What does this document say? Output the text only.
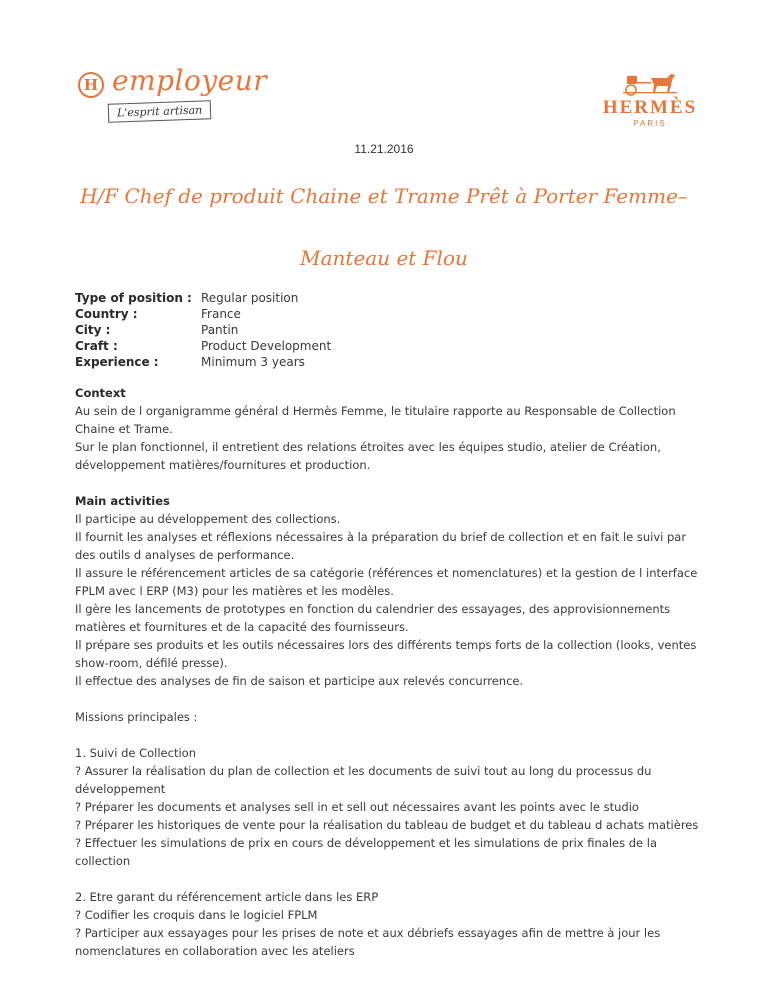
H employeur
L'esprit artisan	HERMÈS
PARIS
11.21.2016
H/F Chef de produit Chaine et Trame Prêt à Porter Femme– Manteau et Flou
Type of position : Regular position
Country :	France
City :	Pantin
Craft :	Product Development
Experience :	Minimum 3 years

Context

Au sein de l organigramme général d Hermès Femme, le titulaire rapporte au Responsable de Collection Chaine et Trame.

Sur le plan fonctionnel, il entretient des relations étroites avec les équipes studio, atelier de Création, développement matières/fournitures et production.

Main activities

Il participe au développement des collections.

Il fournit les analyses et réflexions nécessaires à la préparation du brief de collection et en fait le suivi par des outils d analyses de performance.

Il assure le référencement articles de sa catégorie (références et nomenclatures) et la gestion de l interface FPLM avec l ERP (M3) pour les matières et les modèles.

Il gère les lancements de prototypes en fonction du calendrier des essayages, des approvisionnements matières et fournitures et de la capacité des fournisseurs.

Il prépare ses produits et les outils nécessaires lors des différents temps forts de la collection (looks, ventes show-room, défilé presse).

Il effectue des analyses de fin de saison et participe aux relevés concurrence.

Missions principales :

1. Suivi de Collection

? Assurer la réalisation du plan de collection et les documents de suivi tout au long du processus du développement

? Préparer les documents et analyses sell in et sell out nécessaires avant les points avec le studio

? Préparer les historiques de vente pour la réalisation du tableau de budget et du tableau d achats matières

? Effectuer les simulations de prix en cours de développement et les simulations de prix finales de la collection

2. Etre garant du référencement article dans les ERP

? Codifier les croquis dans le logiciel FPLM

? Participer aux essayages pour les prises de note et aux débriefs essayages afin de mettre à jour les nomenclatures en collaboration avec les ateliers
